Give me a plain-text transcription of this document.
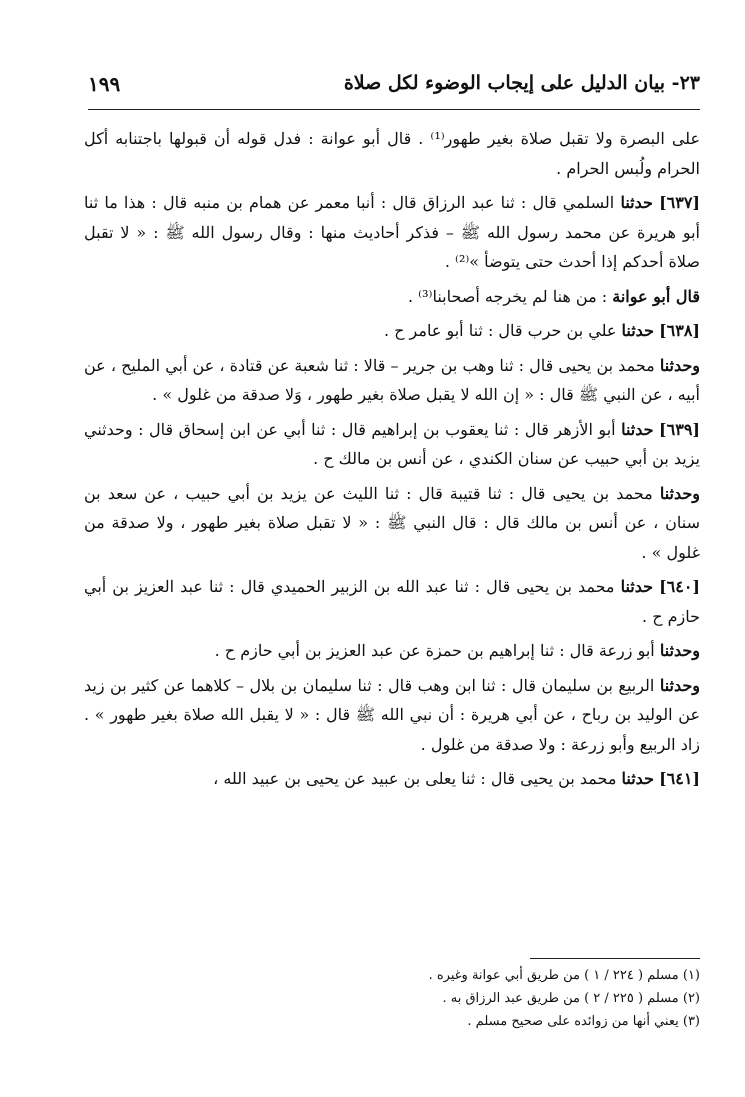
٢٣- بيان الدليل على إيجاب الوضوء لكل صلاة
١٩٩

على البصرة ولا تقبل صلاة بغير طهور⁽¹⁾ . قال أبو عوانة : فدل قوله أن قبولها باجتنابه أكل الحرام ولُبس الحرام .

[٦٣٧] حدثنا السلمي قال : ثنا عبد الرزاق قال : أنبا معمر عن همام بن منبه قال : هذا ما ثنا أبو هريرة عن محمد رسول الله ﷺ – فذكر أحاديث منها : وقال رسول الله ﷺ : « لا تقبل صلاة أحدكم إذا أحدث حتى يتوضأ »⁽²⁾ .

قال أبو عوانة : من هنا لم يخرجه أصحابنا⁽³⁾ .

[٦٣٨] حدثنا علي بن حرب قال : ثنا أبو عامر ح .

وحدثنا محمد بن يحيى قال : ثنا وهب بن جرير – قالا : ثنا شعبة عن قتادة ، عن أبي المليح ، عن أبيه ، عن النبي ﷺ قال : « إن الله لا يقبل صلاة بغير طهور ، وَلا صدقة من غلول » .

[٦٣٩] حدثنا أبو الأزهر قال : ثنا يعقوب بن إبراهيم قال : ثنا أبي عن ابن إسحاق قال : وحدثني يزيد بن أبي حبيب عن سنان الكندي ، عن أنس بن مالك ح .

وحدثنا محمد بن يحيى قال : ثنا قتيبة قال : ثنا الليث عن يزيد بن أبي حبيب ، عن سعد بن سنان ، عن أنس بن مالك قال : قال النبي ﷺ : « لا تقبل صلاة بغير طهور ، ولا صدقة من غلول » .

[٦٤٠] حدثنا محمد بن يحيى قال : ثنا عبد الله بن الزبير الحميدي قال : ثنا عبد العزيز بن أبي حازم ح .

وحدثنا أبو زرعة قال : ثنا إبراهيم بن حمزة عن عبد العزيز بن أبي حازم ح .

وحدثنا الربيع بن سليمان قال : ثنا ابن وهب قال : ثنا سليمان بن بلال – كلاهما عن كثير بن زيد عن الوليد بن رباح ، عن أبي هريرة : أن نبي الله ﷺ قال : « لا يقبل الله صلاة بغير طهور » . زاد الربيع وأبو زرعة : ولا صدقة من غلول .

[٦٤١] حدثنا محمد بن يحيى قال : ثنا يعلى بن عبيد عن يحيى بن عبيد الله ،

(١) مسلم ( ٢٢٤ / ١ ) من طريق أبي عوانة وغيره .

(٢) مسلم ( ٢٢٥ / ٢ ) من طريق عبد الرزاق به .

(٣) يعني أنها من زوائده على صحيح مسلم .
